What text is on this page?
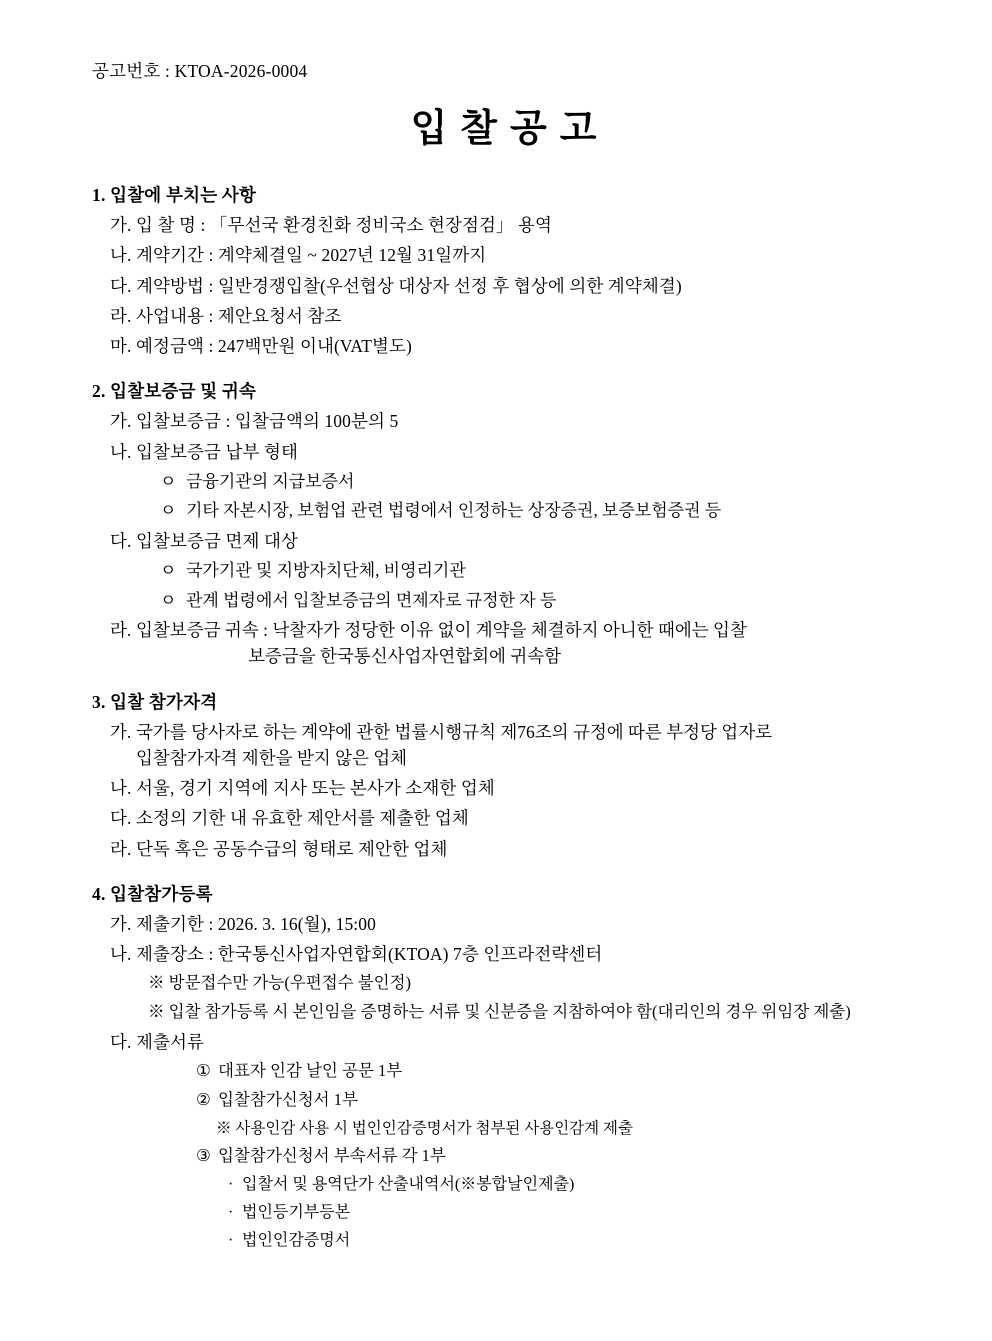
공고번호 : KTOA-2026-0004
입찰공고
1. 입찰에 부치는 사항
가. 입 찰 명 : 「무선국 환경친화 정비국소 현장점검」 용역
나. 계약기간 : 계약체결일 ~ 2027년 12월 31일까지
다. 계약방법 : 일반경쟁입찰(우선협상 대상자 선정 후 협상에 의한 계약체결)
라. 사업내용 : 제안요청서 참조
마. 예정금액 : 247백만원 이내(VAT별도)
2. 입찰보증금 및 귀속
가. 입찰보증금 : 입찰금액의 100분의 5
나. 입찰보증금 납부 형태
ㅇ 금융기관의 지급보증서
ㅇ 기타 자본시장, 보험업 관련 법령에서 인정하는 상장증권, 보증보험증권 등
다. 입찰보증금 면제 대상
ㅇ 국가기관 및 지방자치단체, 비영리기관
ㅇ 관계 법령에서 입찰보증금의 면제자로 규정한 자 등
라. 입찰보증금 귀속 : 낙찰자가 정당한 이유 없이 계약을 체결하지 아니한 때에는 입찰
보증금을 한국통신사업자연합회에 귀속함
3. 입찰 참가자격
가. 국가를 당사자로 하는 계약에 관한 법률시행규칙 제76조의 규정에 따른 부정당 업자로
입찰참가자격 제한을 받지 않은 업체
나. 서울, 경기 지역에 지사 또는 본사가 소재한 업체
다. 소정의 기한 내 유효한 제안서를 제출한 업체
라. 단독 혹은 공동수급의 형태로 제안한 업체
4. 입찰참가등록
가. 제출기한 : 2026. 3. 16(월), 15:00
나. 제출장소 : 한국통신사업자연합회(KTOA) 7층 인프라전략센터
※ 방문접수만 가능(우편접수 불인정)
※ 입찰 참가등록 시 본인임을 증명하는 서류 및 신분증을 지참하여야 함(대리인의 경우 위임장 제출)
다. 제출서류
① 대표자 인감 날인 공문 1부
② 입찰참가신청서 1부
※ 사용인감 사용 시 법인인감증명서가 첨부된 사용인감계 제출
③ 입찰참가신청서 부속서류 각 1부
· 입찰서 및 용역단가 산출내역서(※봉합날인제출)
· 법인등기부등본
· 법인인감증명서
